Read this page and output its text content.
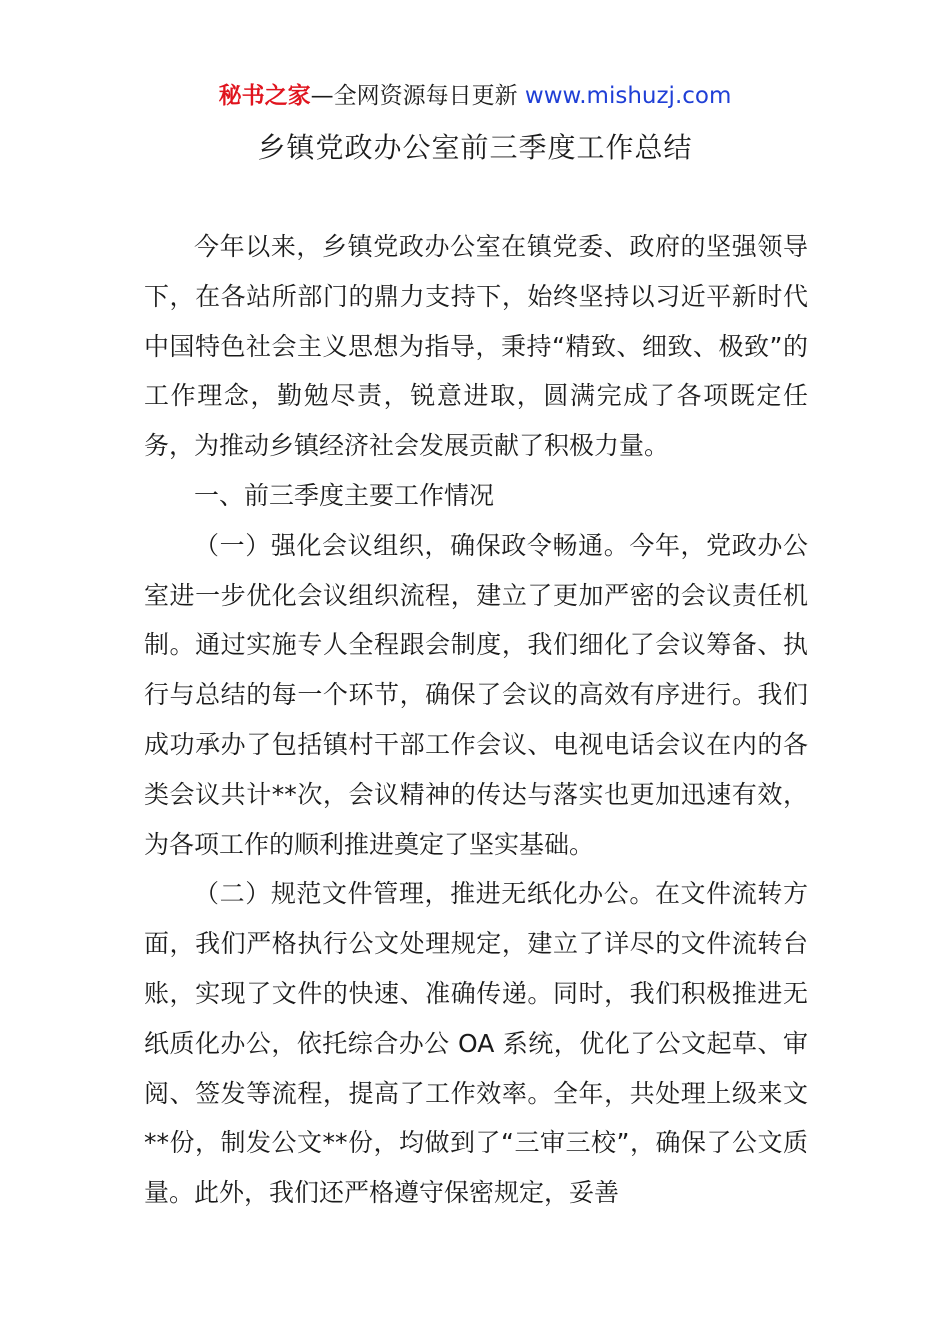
秘书之家—全网资源每日更新 www.mishuzj.com
乡镇党政办公室前三季度工作总结

今年以来，乡镇党政办公室在镇党委、政府的坚强领导下，在各站所部门的鼎力支持下，始终坚持以习近平新时代中国特色社会主义思想为指导，秉持“精致、细致、极致”的工作理念，勤勉尽责，锐意进取，圆满完成了各项既定任务，为推动乡镇经济社会发展贡献了积极力量。

一、前三季度主要工作情况

（一）强化会议组织，确保政令畅通。今年，党政办公室进一步优化会议组织流程，建立了更加严密的会议责任机制。通过实施专人全程跟会制度，我们细化了会议筹备、执行与总结的每一个环节，确保了会议的高效有序进行。我们成功承办了包括镇村干部工作会议、电视电话会议在内的各类会议共计**次，会议精神的传达与落实也更加迅速有效，为各项工作的顺利推进奠定了坚实基础。

（二）规范文件管理，推进无纸化办公。在文件流转方面，我们严格执行公文处理规定，建立了详尽的文件流转台账，实现了文件的快速、准确传递。同时，我们积极推进无纸质化办公，依托综合办公 OA 系统，优化了公文起草、审阅、签发等流程，提高了工作效率。全年，共处理上级来文**份，制发公文**份，均做到了“三审三校”，确保了公文质量。此外，我们还严格遵守保密规定，妥善
